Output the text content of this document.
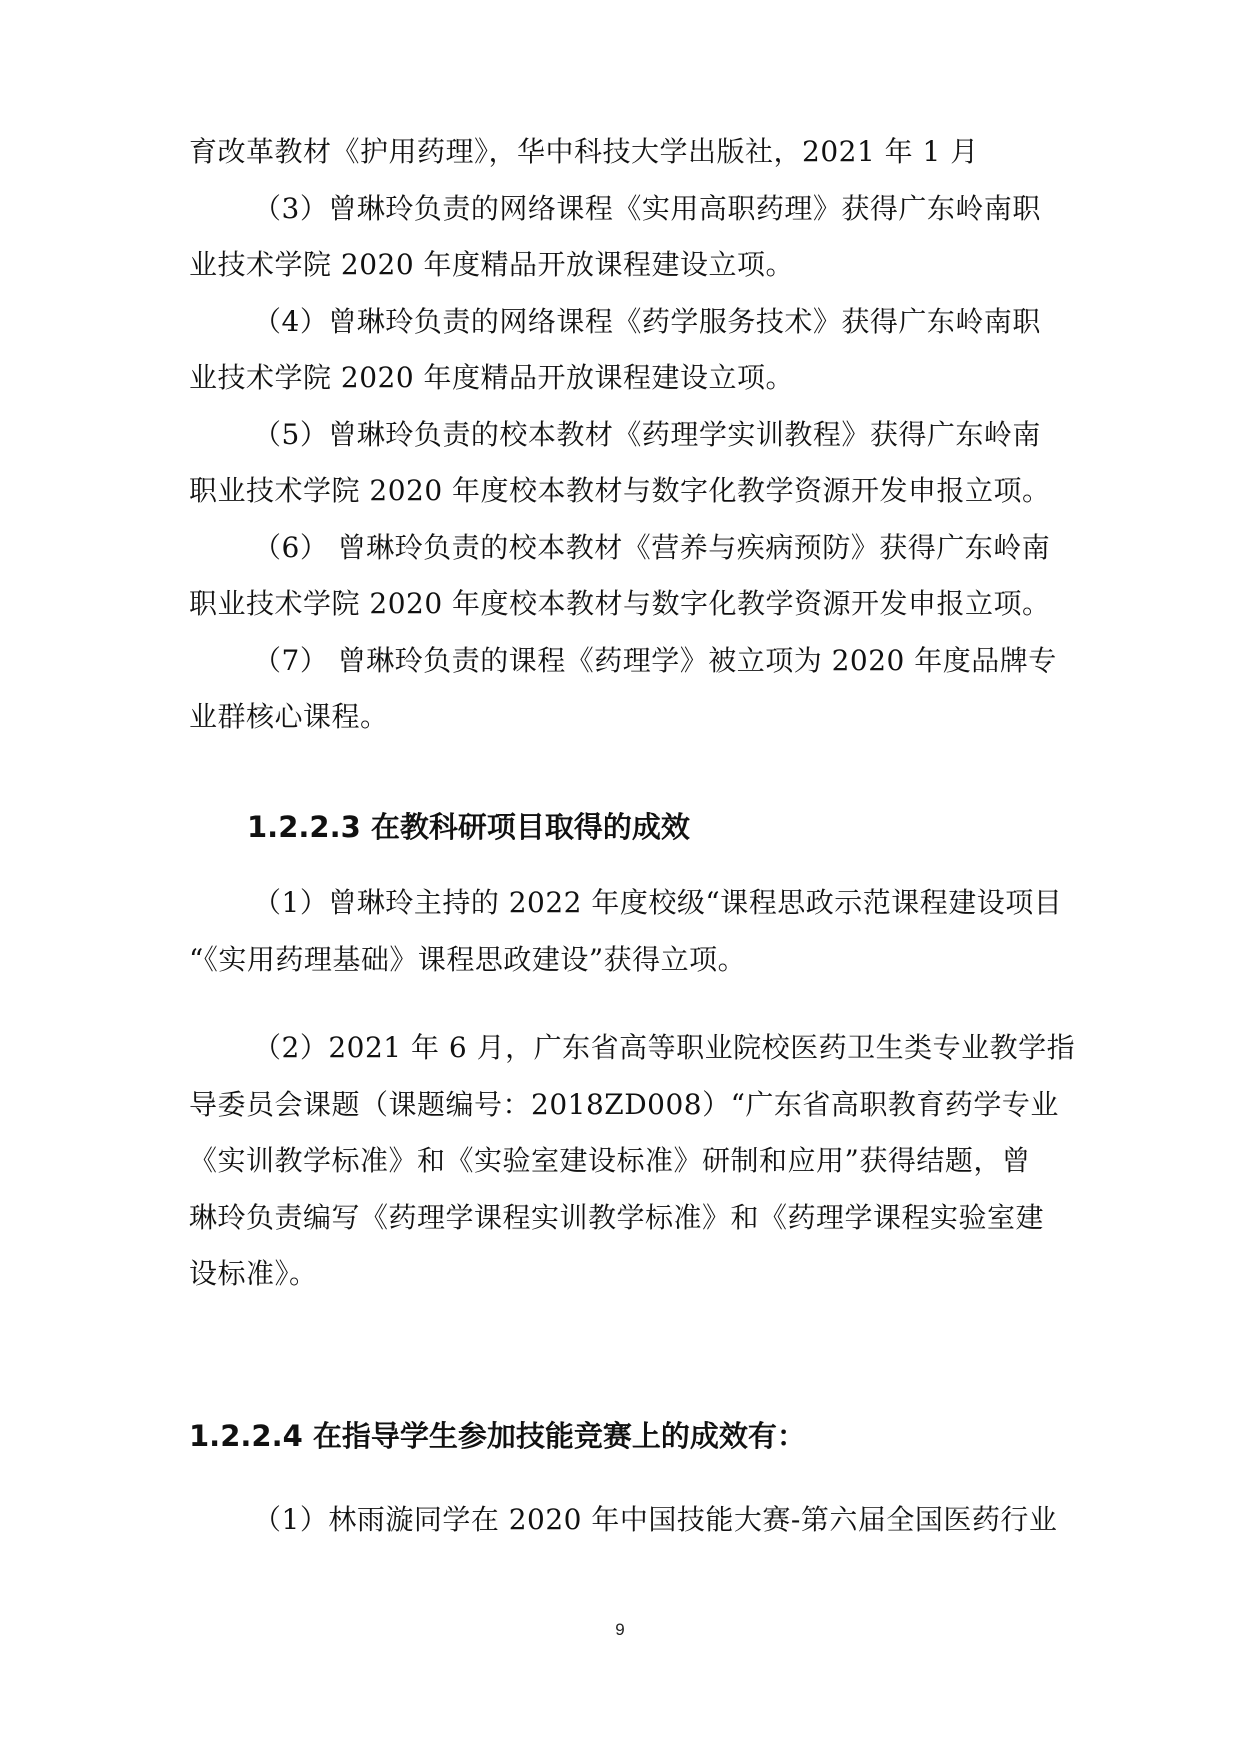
育改革教材《护用药理》，华中科技大学出版社，2021 年 1 月
（3）曾琳玲负责的网络课程《实用高职药理》获得广东岭南职
业技术学院 2020 年度精品开放课程建设立项。
（4）曾琳玲负责的网络课程《药学服务技术》获得广东岭南职
业技术学院 2020 年度精品开放课程建设立项。
（5）曾琳玲负责的校本教材《药理学实训教程》获得广东岭南
职业技术学院 2020 年度校本教材与数字化教学资源开发申报立项。
（6） 曾琳玲负责的校本教材《营养与疾病预防》获得广东岭南
职业技术学院 2020 年度校本教材与数字化教学资源开发申报立项。
（7） 曾琳玲负责的课程《药理学》被立项为 2020 年度品牌专
业群核心课程。
1.2.2.3 在教科研项目取得的成效
（1）曾琳玲主持的 2022 年度校级“课程思政示范课程建设项目
“《实用药理基础》课程思政建设”获得立项。
（2）2021 年 6 月，广东省高等职业院校医药卫生类专业教学指
导委员会课题（课题编号：2018ZD008）“广东省高职教育药学专业
《实训教学标准》和《实验室建设标准》研制和应用”获得结题，曾
琳玲负责编写《药理学课程实训教学标准》和《药理学课程实验室建
设标准》。
1.2.2.4 在指导学生参加技能竞赛上的成效有：
（1）林雨漩同学在 2020 年中国技能大赛-第六届全国医药行业
9
